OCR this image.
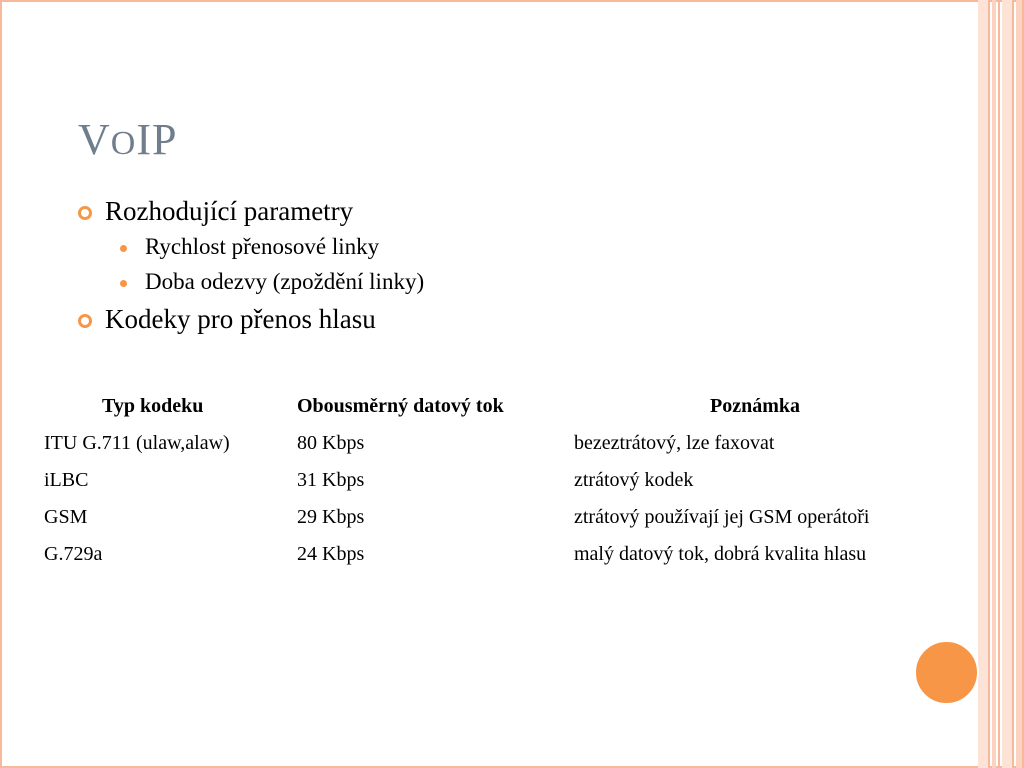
VOIP
Rozhodující parametry
Rychlost přenosové linky
Doba odezvy (zpoždění linky)
Kodeky pro přenos hlasu
Typ kodeku	Obousměrný datový tok	Poznámka
ITU G.711 (ulaw,alaw)	80 Kbps	bezeztrátový, lze faxovat
iLBC	31 Kbps	ztrátový kodek
GSM	29 Kbps	ztrátový používají jej GSM operátoři
G.729a	24 Kbps	malý datový tok, dobrá kvalita hlasu
